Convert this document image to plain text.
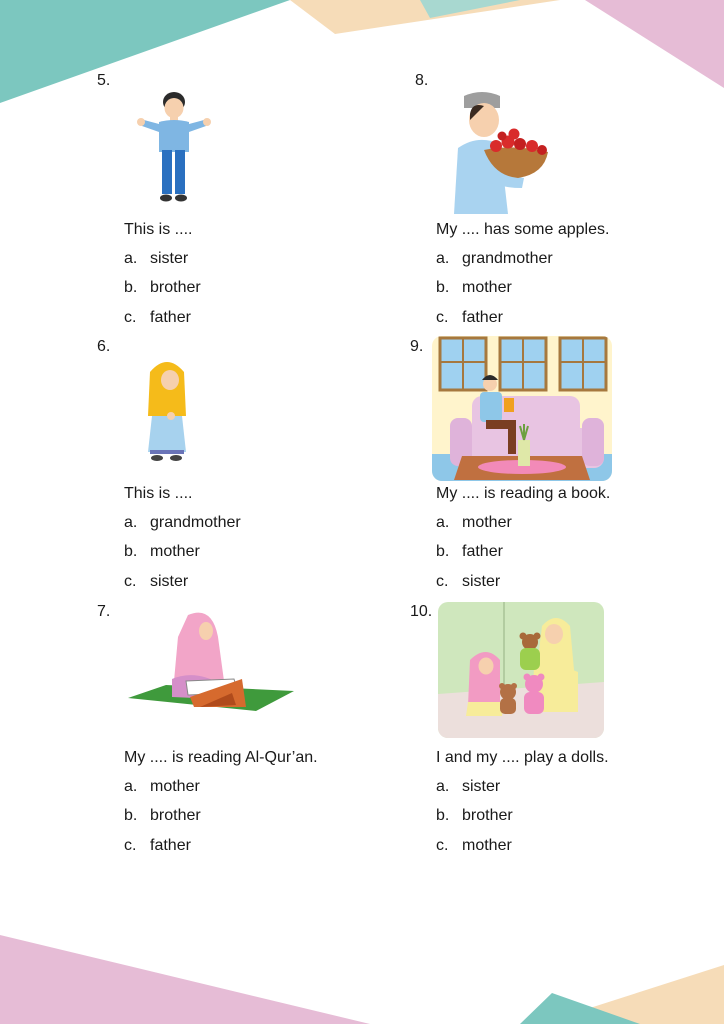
5.
This is ....
a. sister
b. brother
c. father
6.
This is ....
a. grandmother
b. mother
c. sister
7.
My .... is reading Al-Qur’an.
a. mother
b. brother
c. father
8.
My .... has some apples.
a. grandmother
b. mother
c. father
9.
My .... is reading a book.
a. mother
b. father
c. sister
10.
I and my .... play a dolls.
a. sister
b. brother
c. mother
